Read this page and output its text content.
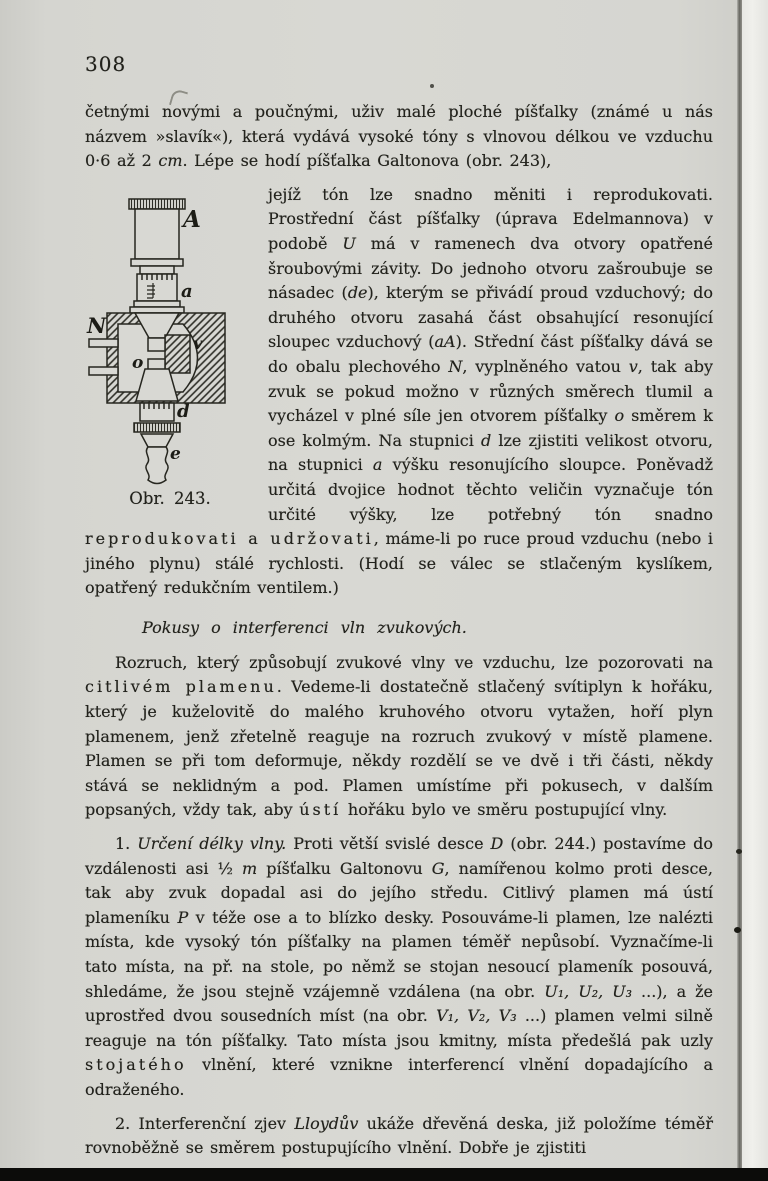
308

četnými novými a poučnými, uživ malé ploché píšťalky (známé u nás názvem »slavík«), která vydává vysoké tóny s vlnovou délkou ve vzduchu 0·6 až 2 cm. Lépe se hodí píšťalka Galtonova (obr. 243),

A
a
N
v
o
d
e
Obr. 243.

jejíž tón lze snadno měniti i reprodukovati. Prostřední část píšťalky (úprava Edelmannova) v podobě U má v ramenech dva otvory opatřené šroubovými závity. Do jednoho otvoru zašroubuje se násadec (de), kterým se přivádí proud vzduchový; do druhého otvoru zasahá část obsahující resonující sloupec vzduchový (aA). Střední část píšťalky dává se do obalu plechového N, vyplněného vatou v, tak aby zvuk se pokud možno v různých směrech tlumil a vycházel v plné síle jen otvorem píšťalky o směrem k ose kolmým. Na stupnici d lze zjistiti velikost otvoru, na stupnici a výšku resonujícího sloupce. Poněvadž určitá dvojice hodnot těchto veličin vyznačuje tón určité výšky, lze potřebný tón snadno reprodukovati a udržovati, máme-li po ruce proud vzduchu (nebo i jiného plynu) stálé rychlosti. (Hodí se válec se stlačeným kyslíkem, opatřený redukčním ventilem.)

Pokusy o interferenci vln zvukových.

Rozruch, který způsobují zvukové vlny ve vzduchu, lze pozorovati na citlivém plamenu. Vedeme-li dostatečně stlačený svítiplyn k hořáku, který je kuželovitě do malého kruhového otvoru vytažen, hoří plyn plamenem, jenž zřetelně reaguje na rozruch zvukový v místě plamene. Plamen se při tom deformuje, někdy rozdělí se ve dvě i tři části, někdy stává se neklidným a pod. Plamen umístíme při pokusech, v dalším popsaných, vždy tak, aby ústí hořáku bylo ve směru postupující vlny.

1. Určení délky vlny. Proti větší svislé desce D (obr. 244.) postavíme do vzdálenosti asi ½ m píšťalku Galtonovu G, namířenou kolmo proti desce, tak aby zvuk dopadal asi do jejího středu. Citlivý plamen má ústí plameníku P v téže ose a to blízko desky. Posouváme-li plamen, lze nalézti místa, kde vysoký tón píšťalky na plamen téměř nepůsobí. Vyznačíme-li tato místa, na př. na stole, po němž se stojan nesoucí plameník posouvá, shledáme, že jsou stejně vzájemně vzdálena (na obr. U₁, U₂, U₃ ...), a že uprostřed dvou sousedních míst (na obr. V₁, V₂, V₃ ...) plamen velmi silně reaguje na tón píšťalky. Tato místa jsou kmitny, místa předešlá pak uzly stojatého vlnění, které vznikne interferencí vlnění dopadajícího a odraženého.

2. Interferenční zjev Lloydův ukáže dřevěná deska, již položíme téměř rovnoběžně se směrem postupujícího vlnění. Dobře je zjistiti
